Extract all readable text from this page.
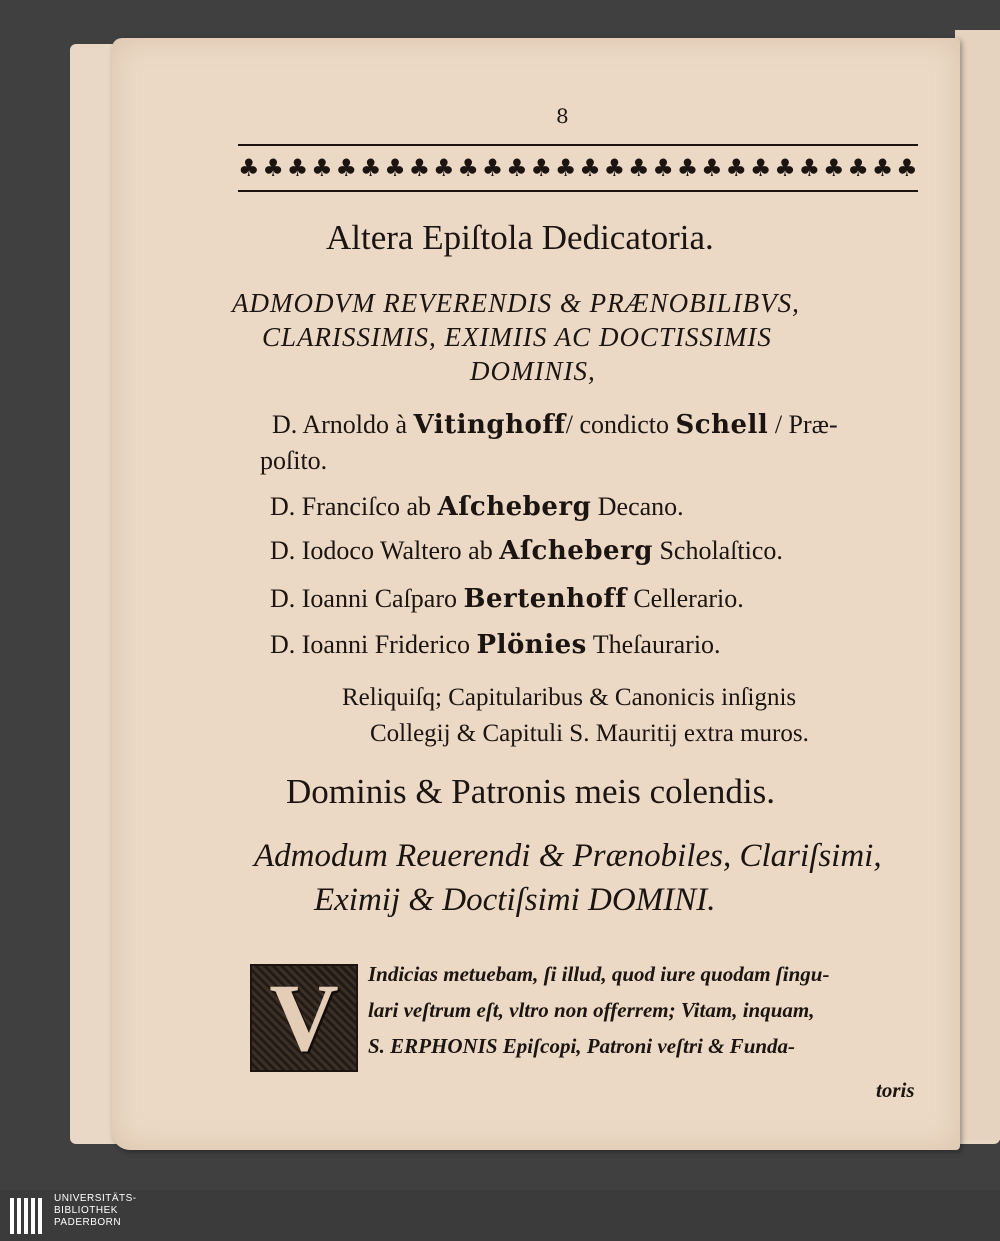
8
♣ ♣ ♣ ♣ ♣ ♣ ♣ ♣ ♣ ♣ ♣ ♣ ♣ ♣ ♣ ♣ ♣ ♣ ♣ ♣ ♣ ♣ ♣ ♣ ♣ ♣ ♣ ♣
Altera Epiſtola Dedicatoria.
ADMODVM REVERENDIS & PRÆNOBILIBVS,
CLARISSIMIS, EXIMIIS AC DOCTISSIMIS
DOMINIS,
D. Arnoldo à Vitinghoff/ condicto Schell / Præ-
poſito.
D. Franciſco ab Aſcheberg Decano.
D. Iodoco Waltero ab Aſcheberg Scholaſtico.
D. Ioanni Caſparo Bertenhoff Cellerario.
D. Ioanni Friderico Plönies Theſaurario.
Reliquiſq; Capitularibus & Canonicis inſignis
Collegij & Capituli S. Mauritij extra muros.
Dominis & Patronis meis colendis.
Admodum Reuerendi & Prænobiles, Clariſsimi,
Eximij & Doctiſsimi DOMINI.
V Indicias metuebam, ſi illud, quod iure quodam ſingu-
lari veſtrum eſt, vltro non offerrem; Vitam, inquam,
S. ERPHONIS Epiſcopi, Patroni veſtri & Funda-
toris
UNIVERSITÄTS-
BIBLIOTHEK
PADERBORN
